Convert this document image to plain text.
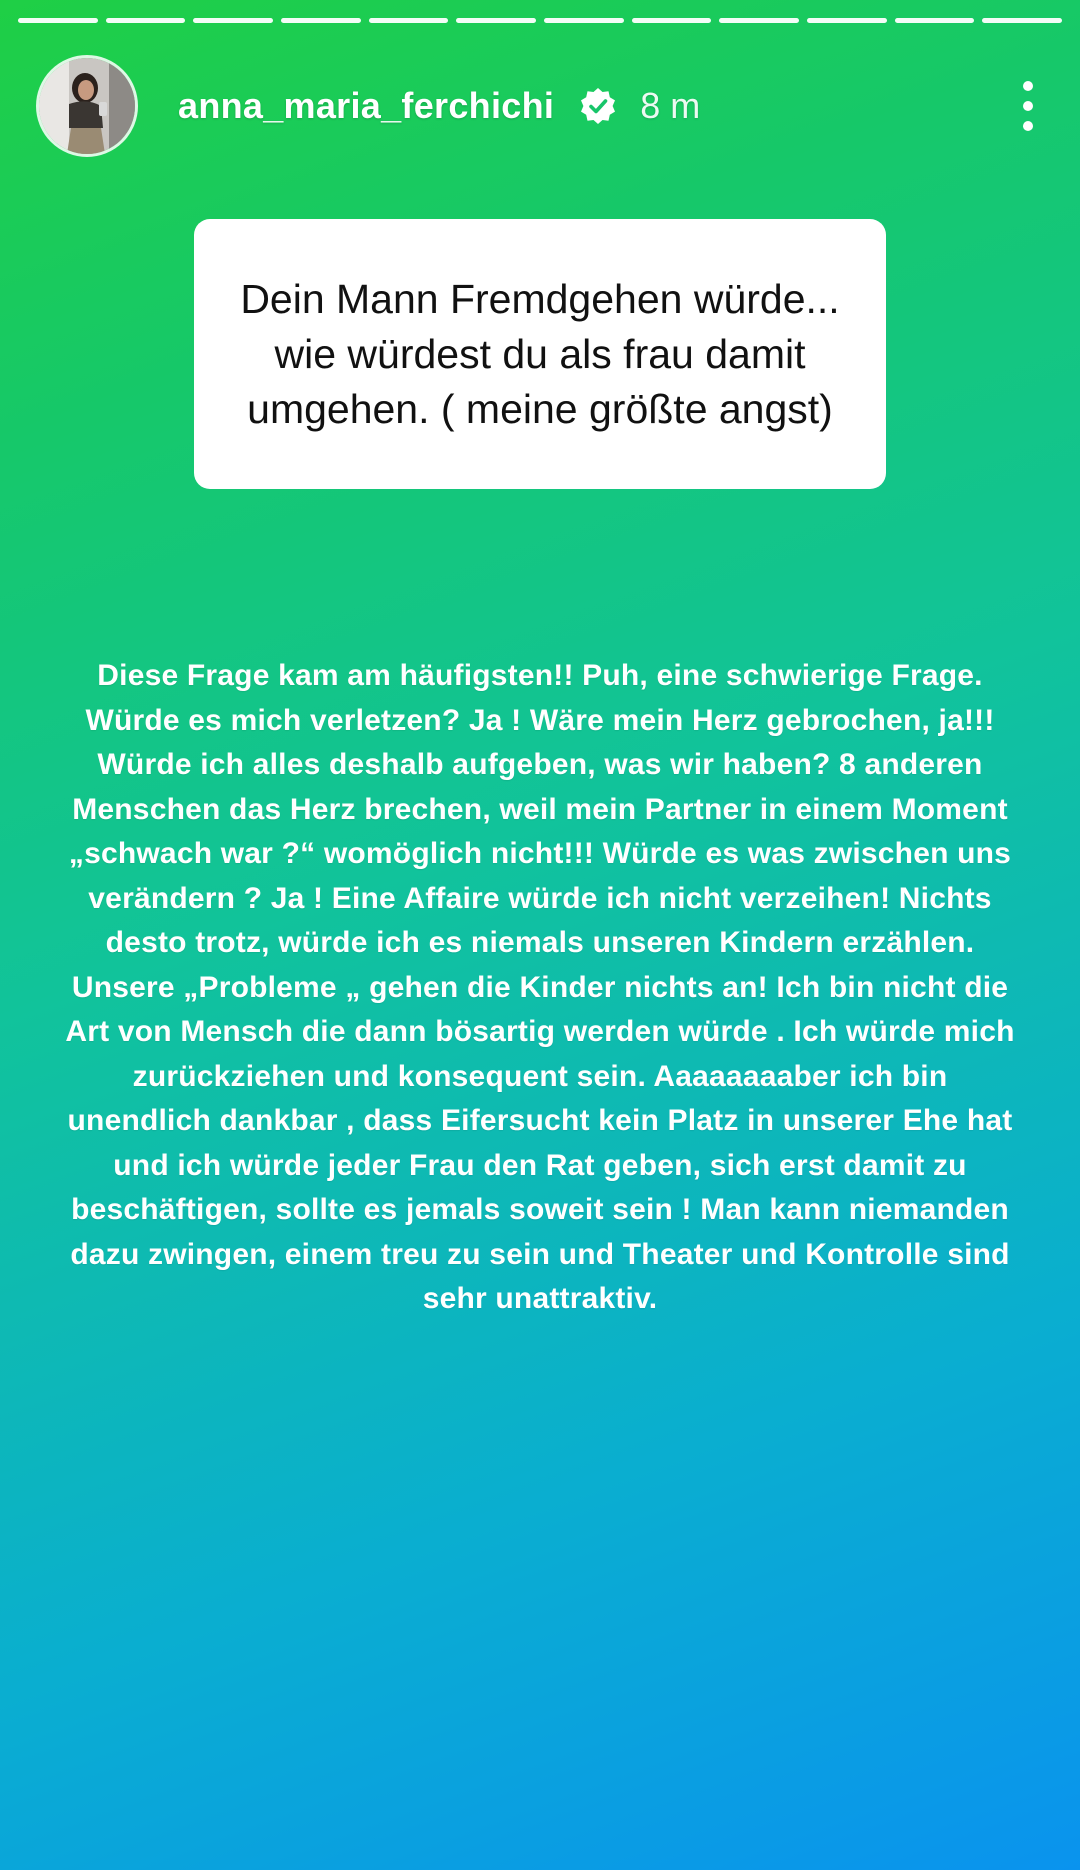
anna_maria_ferchichi 8 m
Dein Mann Fremdgehen würde... wie würdest du als frau damit umgehen. ( meine größte angst)
Diese Frage kam am häufigsten!! Puh, eine schwierige Frage. Würde es mich verletzen? Ja ! Wäre mein Herz gebrochen, ja!!! Würde ich alles deshalb aufgeben, was wir haben? 8 anderen Menschen das Herz brechen, weil mein Partner in einem Moment „schwach war ?“ womöglich nicht!!! Würde es was zwischen uns verändern ? Ja ! Eine Affaire würde ich nicht verzeihen! Nichts desto trotz, würde ich es niemals unseren Kindern erzählen. Unsere „Probleme „ gehen die Kinder nichts an! Ich bin nicht die Art von Mensch die dann bösartig werden würde . Ich würde mich zurückziehen und konsequent sein. Aaaaaaaaber ich bin unendlich dankbar , dass Eifersucht kein Platz in unserer Ehe hat und ich würde jeder Frau den Rat geben, sich erst damit zu beschäftigen, sollte es jemals soweit sein ! Man kann niemanden dazu zwingen, einem treu zu sein und Theater und Kontrolle sind sehr unattraktiv.
